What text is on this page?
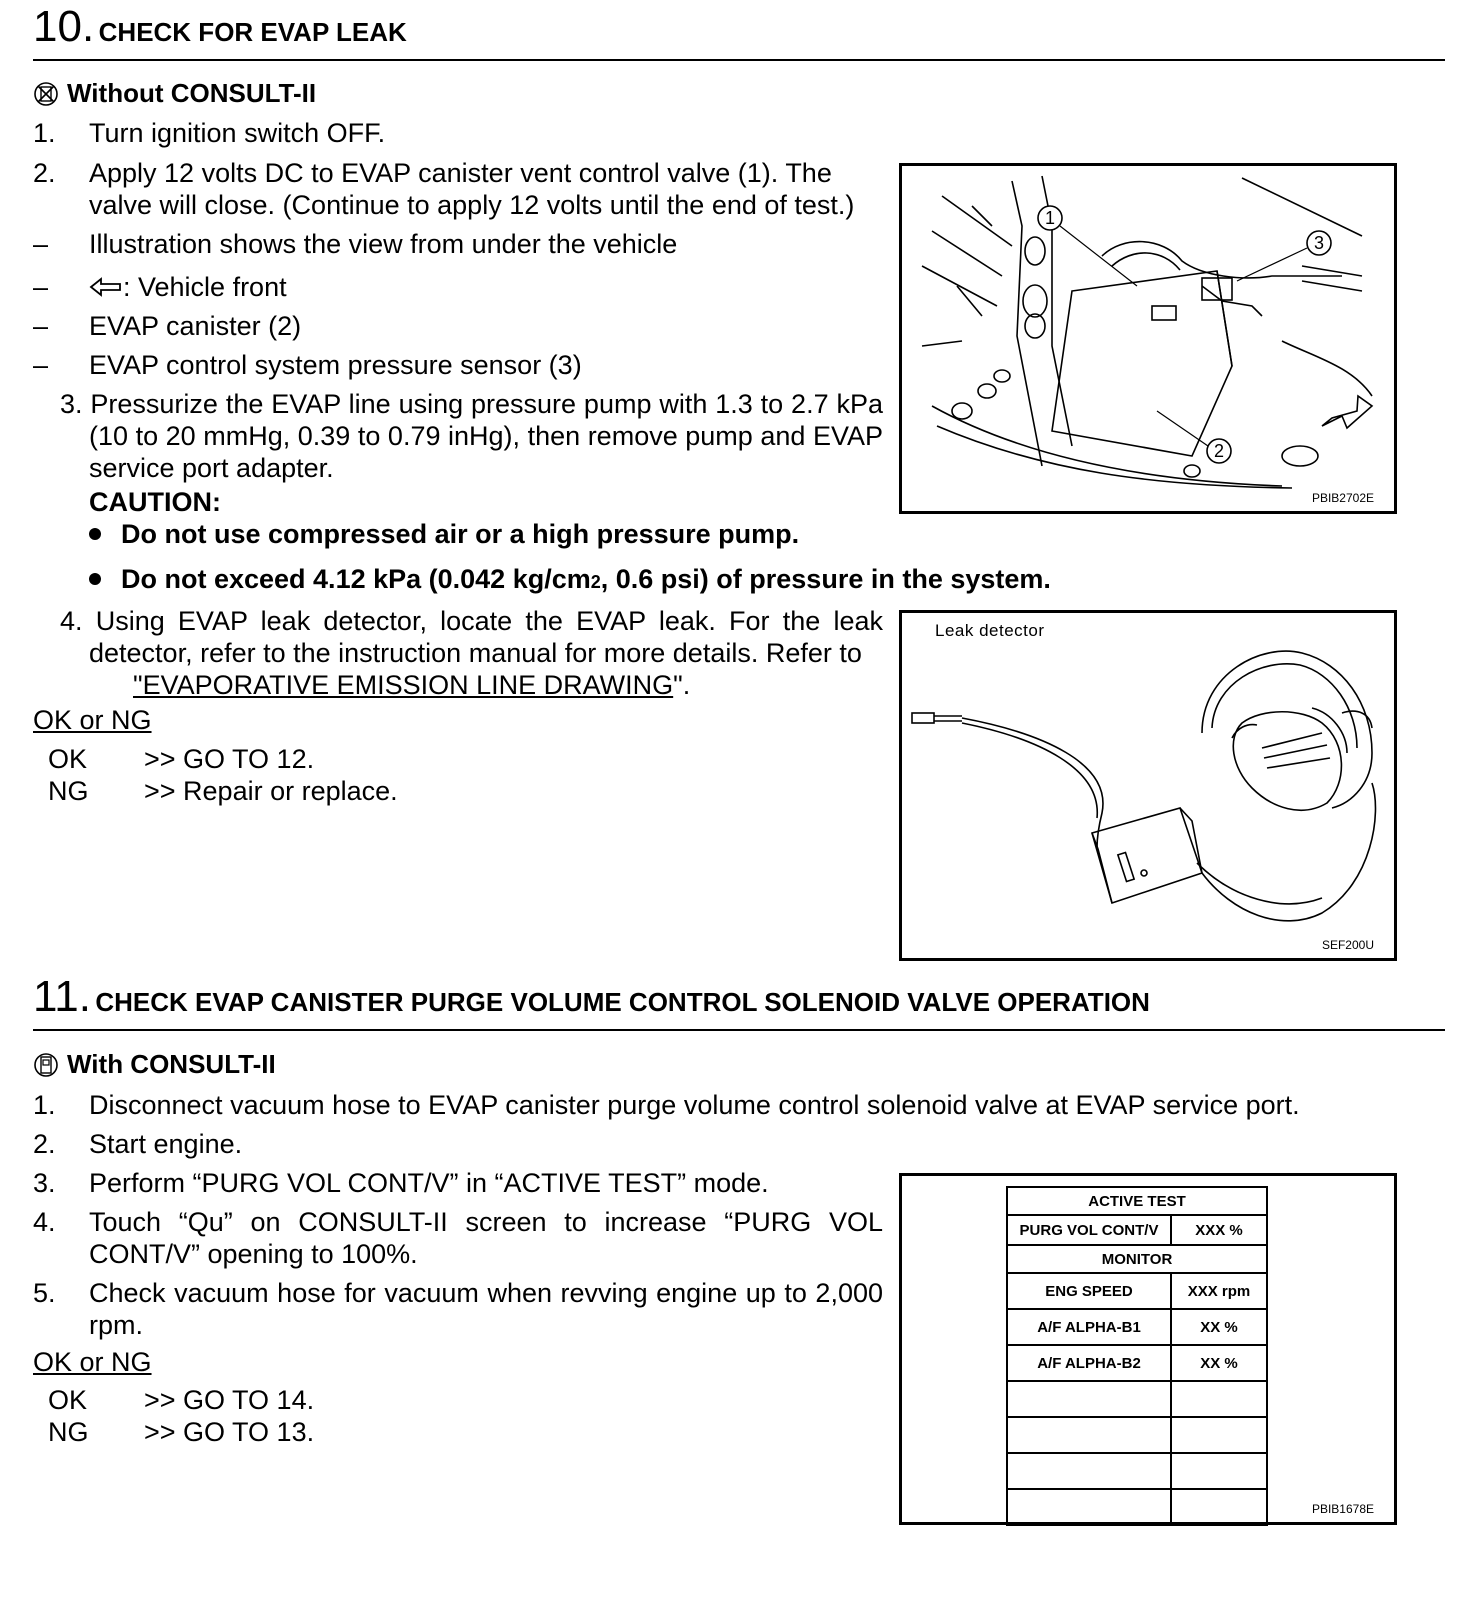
10. CHECK FOR EVAP LEAK
Without CONSULT-II
1.	Turn ignition switch OFF.
2.	Apply 12 volts DC to EVAP canister vent control valve (1). The valve will close. (Continue to apply 12 volts until the end of test.)
–	Illustration shows the view from under the vehicle
–	: Vehicle front
–	EVAP canister (2)
–	EVAP control system pressure sensor (3)
3. Pressurize the EVAP line using pressure pump with 1.3 to 2.7 kPa (10 to 20 mmHg, 0.39 to 0.79 inHg), then remove pump and EVAP service port adapter.
CAUTION:
Do not use compressed air or a high pressure pump.
Do not exceed 4.12 kPa (0.042 kg/cm 2 , 0.6 psi) of pressure in the system.
4. Using EVAP leak detector, locate the EVAP leak. For the leak detector, refer to the instruction manual for more details. Refer to
"EVAPORATIVE EMISSION LINE DRAWING".
OK or NG
OK >> GO TO 12.
NG >> Repair or replace.
1
3
2
PBIB2702E
Leak detector
SEF200U
11. CHECK EVAP CANISTER PURGE VOLUME CONTROL SOLENOID VALVE OPERATION
With CONSULT-II
1.	Disconnect vacuum hose to EVAP canister purge volume control solenoid valve at EVAP service port.
2.	Start engine.
3.	Perform “PURG VOL CONT/V” in “ACTIVE TEST” mode.
4.	Touch “Qu” on CONSULT-II screen to increase “PURG VOL CONT/V” opening to 100%.
5.	Check vacuum hose for vacuum when revving engine up to 2,000 rpm.
OK or NG
OK >> GO TO 14.
NG >> GO TO 13.
ACTIVE TEST	
PURG VOL CONT/V	XXX %
MONITOR	
ENG SPEED	XXX rpm
A/F ALPHA-B1	XX %
A/F ALPHA-B2	XX %

PBIB1678E
